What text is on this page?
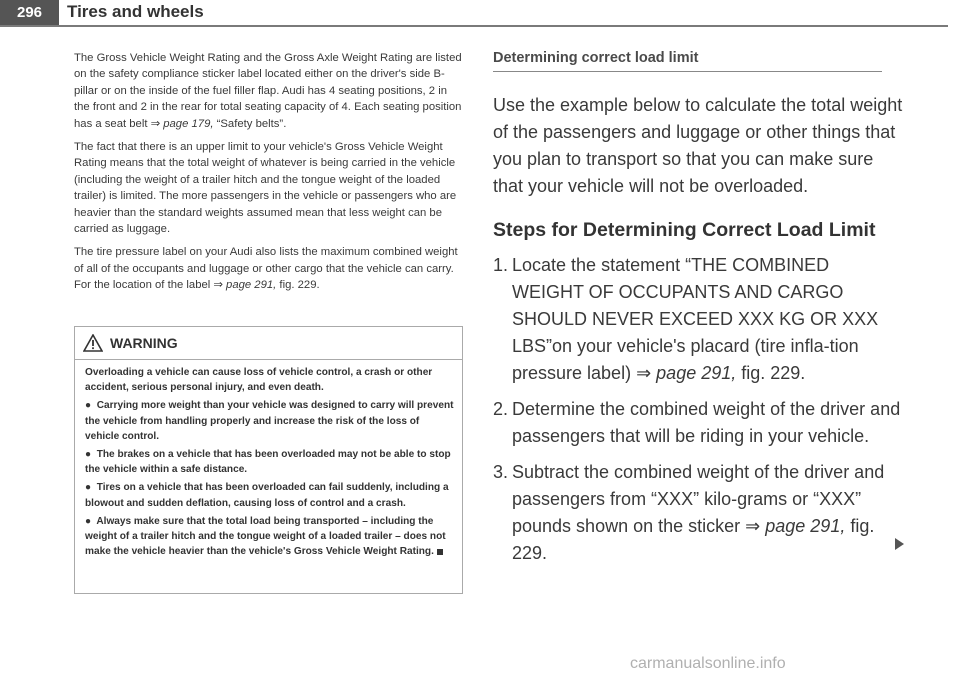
296	Tires and wheels

The Gross Vehicle Weight Rating and the Gross Axle Weight Rating are listed on the safety compliance sticker label located either on the driver's side B-pillar or on the inside of the fuel filler flap. Audi has 4 seating positions, 2 in the front and 2 in the rear for total seating capacity of 4. Each seating position has a seat belt ⇒ page 179, “Safety belts”.

The fact that there is an upper limit to your vehicle's Gross Vehicle Weight Rating means that the total weight of whatever is being carried in the vehicle (including the weight of a trailer hitch and the tongue weight of the loaded trailer) is limited. The more passengers in the vehicle or passengers who are heavier than the standard weights assumed mean that less weight can be carried as luggage.

The tire pressure label on your Audi also lists the maximum combined weight of all of the occupants and luggage or other cargo that the vehicle can carry. For the location of the label ⇒ page 291, fig. 229.

WARNING

Overloading a vehicle can cause loss of vehicle control, a crash or other accident, serious personal injury, and even death.

● Carrying more weight than your vehicle was designed to carry will prevent the vehicle from handling properly and increase the risk of the loss of vehicle control.

● The brakes on a vehicle that has been overloaded may not be able to stop the vehicle within a safe distance.

● Tires on a vehicle that has been overloaded can fail suddenly, including a blowout and sudden deflation, causing loss of control and a crash.

● Always make sure that the total load being transported – including the weight of a trailer hitch and the tongue weight of a loaded trailer – does not make the vehicle heavier than the vehicle's Gross Vehicle Weight Rating.

Determining correct load limit

Use the example below to calculate the total weight of the passengers and luggage or other things that you plan to transport so that you can make sure that your vehicle will not be overloaded.

Steps for Determining Correct Load Limit
1. Locate the statement “THE COMBINED WEIGHT OF OCCUPANTS AND CARGO SHOULD NEVER EXCEED XXX KG OR XXX LBS”on your vehicle's placard (tire infla-tion pressure label) ⇒ page 291, fig. 229.
2. Determine the combined weight of the driver and passengers that will be riding in your vehicle.
3. Subtract the combined weight of the driver and passengers from “XXX” kilo-grams or “XXX” pounds shown on the sticker ⇒ page 291, fig. 229.
carmanualsonline.info
